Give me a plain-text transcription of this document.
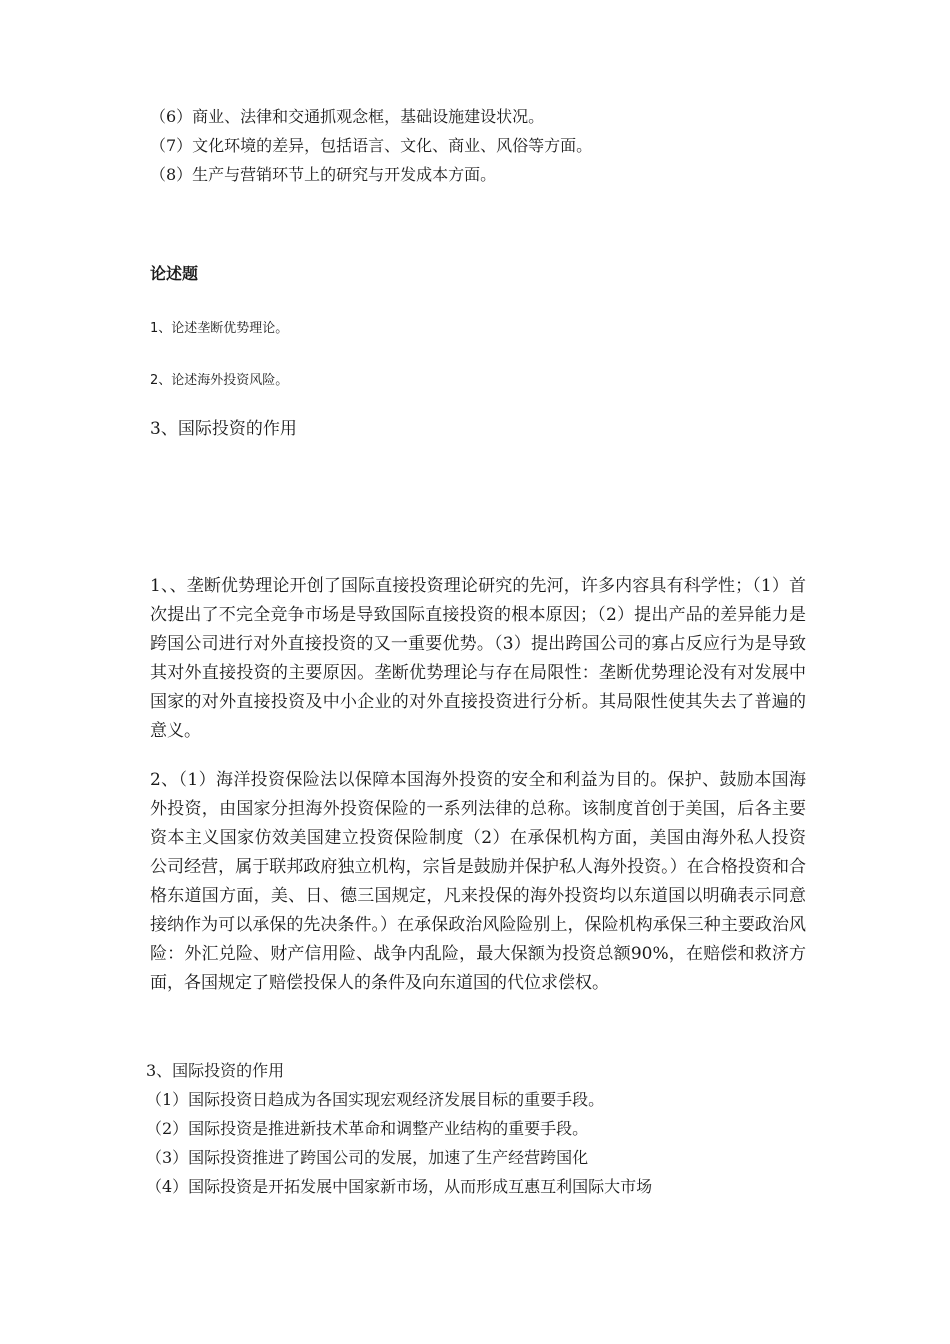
（6）商业、法律和交通抓观念框，基础设施建设状况。
（7）文化环境的差异，包括语言、文化、商业、风俗等方面。
（8）生产与营销环节上的研究与开发成本方面。
论述题
1、论述垄断优势理论。
2、论述海外投资风险。
3、国际投资的作用

1、、垄断优势理论开创了国际直接投资理论研究的先河，许多内容具有科学性；（1）首次提出了不完全竞争市场是导致国际直接投资的根本原因；（2）提出产品的差异能力是跨国公司进行对外直接投资的又一重要优势。（3）提出跨国公司的寡占反应行为是导致其对外直接投资的主要原因。垄断优势理论与存在局限性：垄断优势理论没有对发展中国家的对外直接投资及中小企业的对外直接投资进行分析。其局限性使其失去了普遍的意义。

2、（1）海洋投资保险法以保障本国海外投资的安全和利益为目的。保护、鼓励本国海外投资，由国家分担海外投资保险的一系列法律的总称。该制度首创于美国，后各主要资本主义国家仿效美国建立投资保险制度（2）在承保机构方面，美国由海外私人投资公司经营，属于联邦政府独立机构，宗旨是鼓励并保护私人海外投资。）在合格投资和合格东道国方面，美、日、德三国规定，凡来投保的海外投资均以东道国以明确表示同意接纳作为可以承保的先决条件。）在承保政治风险险别上，保险机构承保三种主要政治风险：外汇兑险、财产信用险、战争内乱险，最大保额为投资总额90%，在赔偿和救济方面，各国规定了赔偿投保人的条件及向东道国的代位求偿权。

3、国际投资的作用
（1）国际投资日趋成为各国实现宏观经济发展目标的重要手段。
（2）国际投资是推进新技术革命和调整产业结构的重要手段。
（3）国际投资推进了跨国公司的发展，加速了生产经营跨国化
（4）国际投资是开拓发展中国家新市场，从而形成互惠互利国际大市场
